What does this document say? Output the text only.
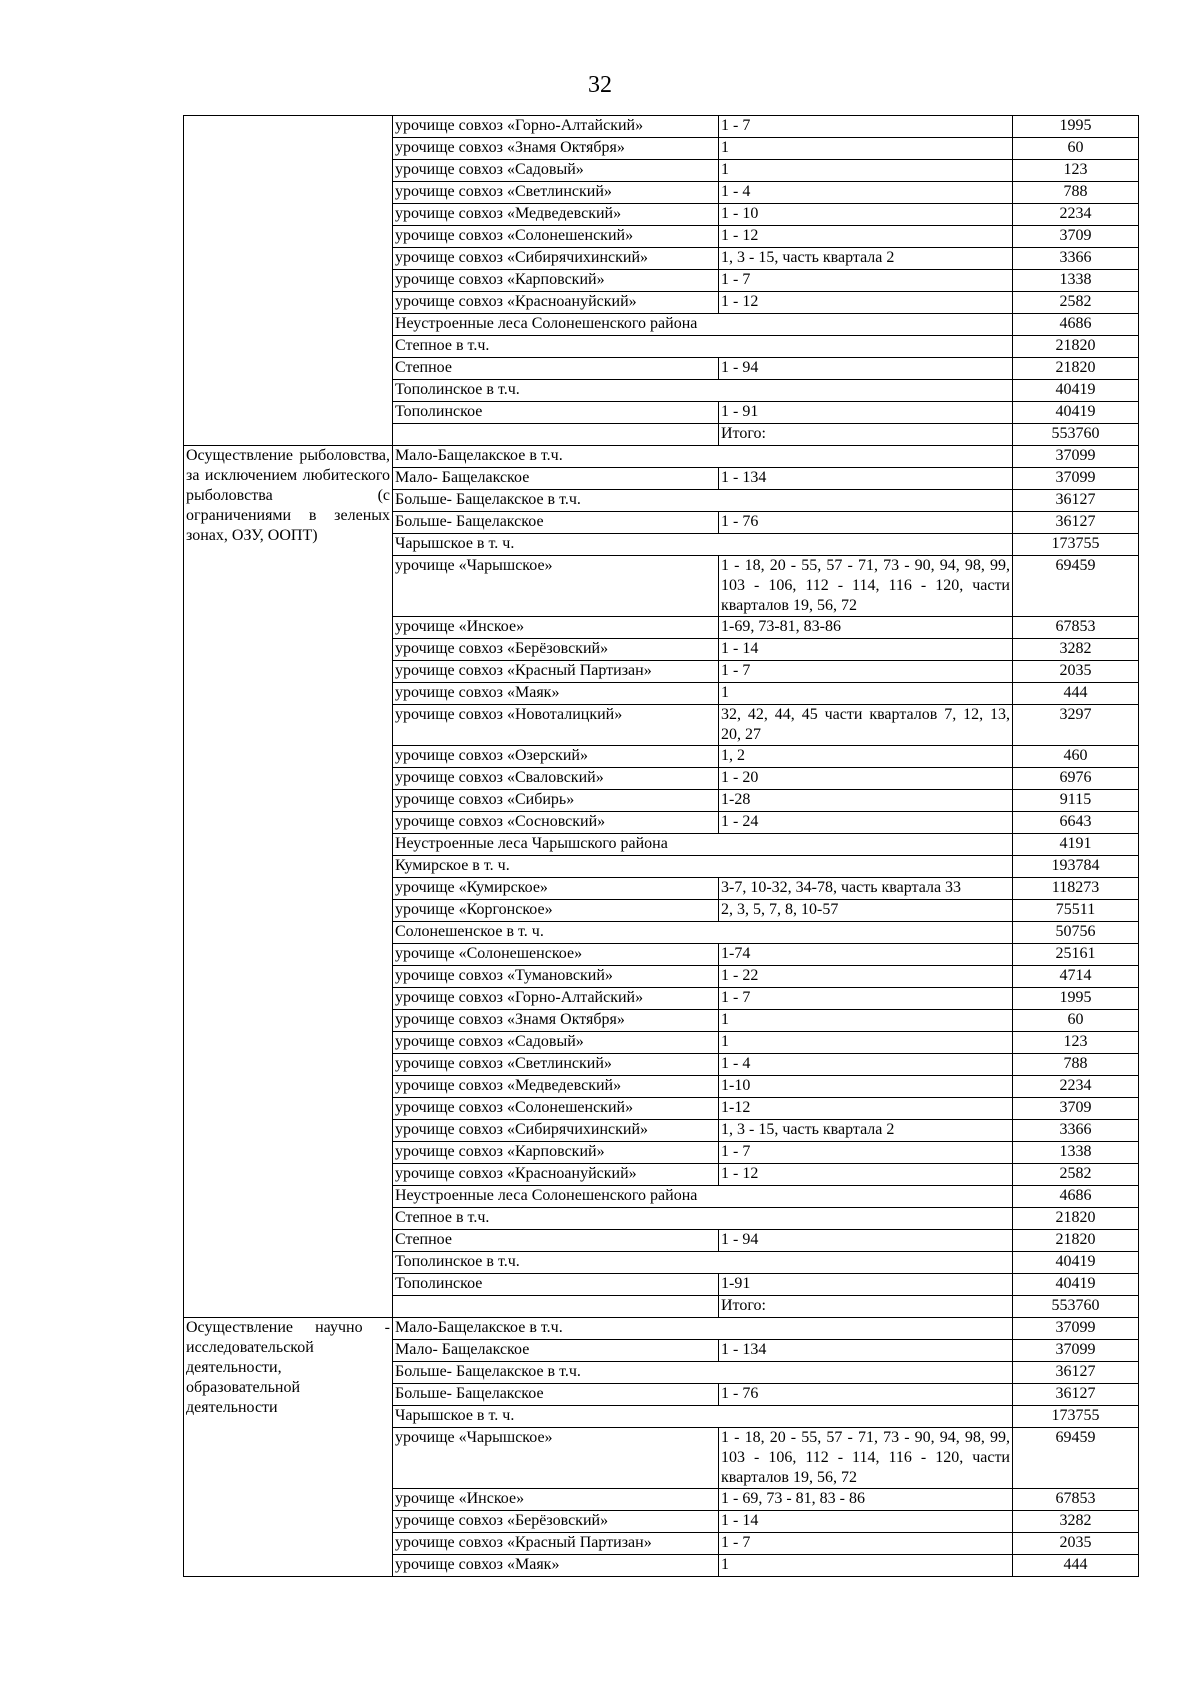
32
	урочище совхоз «Горно-Алтайский»	1 - 7	1995
	урочище совхоз «Знамя Октября»	1	60
	урочище совхоз «Садовый»	1	123
	урочище совхоз «Светлинский»	1 - 4	788
	урочище совхоз «Медведевский»	1 - 10	2234
	урочище совхоз «Солонешенский»	1 - 12	3709
	урочище совхоз «Сибирячихинский»	1, 3 - 15, часть квартала 2	3366
	урочище совхоз «Карповский»	1 - 7	1338
	урочище совхоз «Красноануйский»	1 - 12	2582
	Неустроенные леса Солонешенского района		4686
	Степное в т.ч.		21820
	Степное	1 - 94	21820
	Тополинское в т.ч.		40419
	Тополинское	1 - 91	40419
		Итого:	553760
Осуществление рыболовства, за исключением любитеского рыболовства (с ограничениями в зеленых зонах, ОЗУ, ООПТ)	Мало-Бащелакское в т.ч.		37099
	Мало- Бащелакское	1 - 134	37099
	Больше- Бащелакское в т.ч.		36127
	Больше- Бащелакское	1 - 76	36127
	Чарышское в т. ч.		173755
	урочище «Чарышское»	1 - 18, 20 - 55, 57 - 71, 73 - 90, 94, 98, 99, 103 - 106, 112 - 114, 116 - 120, части кварталов 19, 56, 72	69459
	урочище «Инское»	1-69, 73-81, 83-86	67853
	урочище совхоз «Берёзовский»	1 - 14	3282
	урочище совхоз «Красный Партизан»	1 - 7	2035
	урочище совхоз «Маяк»	1	444
	урочище совхоз «Новоталицкий»	32, 42, 44, 45 части кварталов 7, 12, 13, 20, 27	3297
	урочище совхоз «Озерский»	1, 2	460
	урочище совхоз «Сваловский»	1 - 20	6976
	урочище совхоз «Сибирь»	1-28	9115
	урочище совхоз «Сосновский»	1 - 24	6643
	Неустроенные леса Чарышского района		4191
	Кумирское в т. ч.		193784
	урочище «Кумирское»	3-7, 10-32, 34-78, часть квартала 33	118273
	урочище «Коргонское»	2, 3, 5, 7, 8, 10-57	75511
	Солонешенское в т. ч.		50756
	урочище «Солонешенское»	1-74	25161
	урочище совхоз «Тумановский»	1 - 22	4714
	урочище совхоз «Горно-Алтайский»	1 - 7	1995
	урочище совхоз «Знамя Октября»	1	60
	урочище совхоз «Садовый»	1	123
	урочище совхоз «Светлинский»	1 - 4	788
	урочище совхоз «Медведевский»	1-10	2234
	урочище совхоз «Солонешенский»	1-12	3709
	урочище совхоз «Сибирячихинский»	1, 3 - 15, часть квартала 2	3366
	урочище совхоз «Карповский»	1 - 7	1338
	урочище совхоз «Красноануйский»	1 - 12	2582
	Неустроенные леса Солонешенского района		4686
	Степное в т.ч.		21820
	Степное	1 - 94	21820
	Тополинское в т.ч.		40419
	Тополинское	1-91	40419
		Итого:	553760
Осуществление научно - исследовательской деятельности, образовательной деятельности	Мало-Бащелакское в т.ч.		37099
	Мало- Бащелакское	1 - 134	37099
	Больше- Бащелакское в т.ч.		36127
	Больше- Бащелакское	1 - 76	36127
	Чарышское в т. ч.		173755
	урочище «Чарышское»	1 - 18, 20 - 55, 57 - 71, 73 - 90, 94, 98, 99, 103 - 106, 112 - 114, 116 - 120, части кварталов 19, 56, 72	69459
	урочище «Инское»	1 - 69, 73 - 81, 83 - 86	67853
	урочище совхоз «Берёзовский»	1 - 14	3282
	урочище совхоз «Красный Партизан»	1 - 7	2035
	урочище совхоз «Маяк»	1	444
